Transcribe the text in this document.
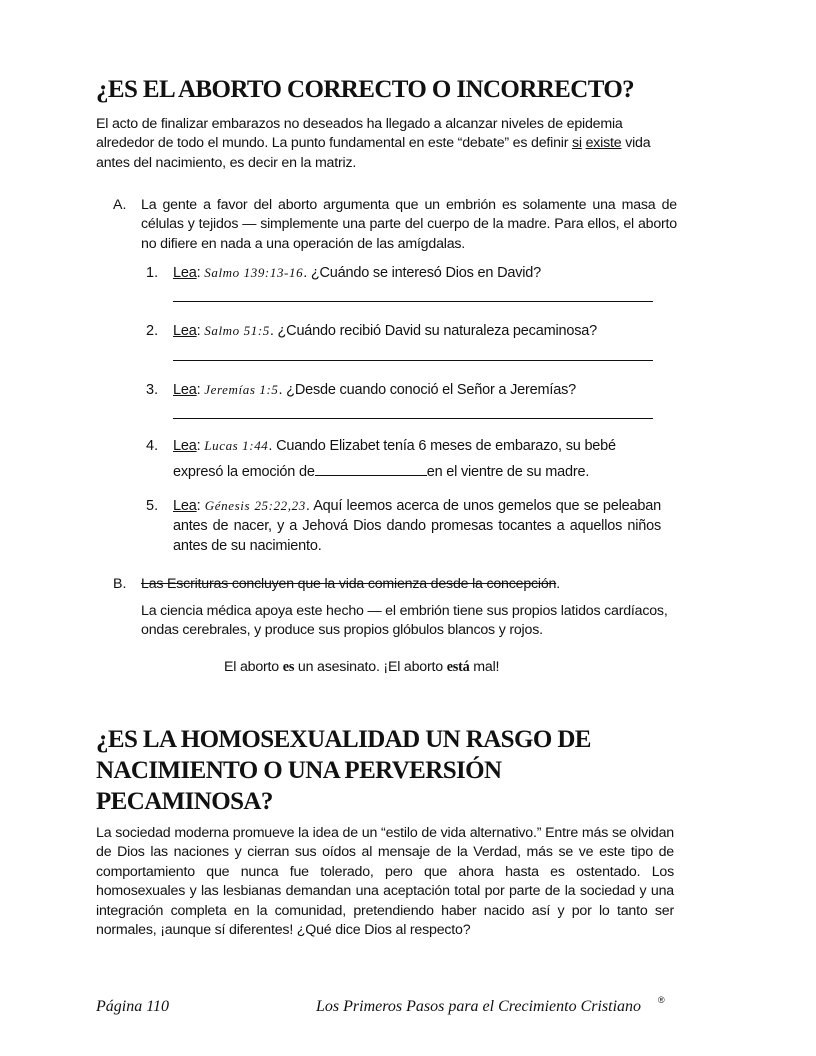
¿ES EL ABORTO CORRECTO O INCORRECTO?
El acto de finalizar embarazos no deseados ha llegado a alcanzar niveles de epidemia alrededor de todo el mundo. La punto fundamental en este “debate” es definir si existe vida antes del nacimiento, es decir en la matriz.
A. La gente a favor del aborto argumenta que un embrión es solamente una masa de células y tejidos — simplemente una parte del cuerpo de la madre. Para ellos, el aborto no difiere en nada a una operación de las amígdalas.
1. Lea: Salmo 139:13-16. ¿Cuándo se interesó Dios en David?
2. Lea: Salmo 51:5. ¿Cuándo recibió David su naturaleza pecaminosa?
3. Lea: Jeremías 1:5. ¿Desde cuando conoció el Señor a Jeremías?
4. Lea: Lucas 1:44. Cuando Elizabet tenía 6 meses de embarazo, su bebé
expresó la emoción de	en el vientre de su madre.
5. Lea: Génesis 25:22,23. Aquí leemos acerca de unos gemelos que se peleaban antes de nacer, y a Jehová Dios dando promesas tocantes a aquellos niños antes de su nacimiento.
B. Las Escrituras concluyen que la vida comienza desde la concepción.
La ciencia médica apoya este hecho — el embrión tiene sus propios latidos cardíacos, ondas cerebrales, y produce sus propios glóbulos blancos y rojos.
El aborto es un asesinato. ¡El aborto está mal!
¿ES LA HOMOSEXUALIDAD UN RASGO DE
NACIMIENTO O UNA PERVERSIÓN
PECAMINOSA?
La sociedad moderna promueve la idea de un “estilo de vida alternativo.” Entre más se olvidan de Dios las naciones y cierran sus oídos al mensaje de la Verdad, más se ve este tipo de comportamiento que nunca fue tolerado, pero que ahora hasta es ostentado. Los homosexuales y las lesbianas demandan una aceptación total por parte de la sociedad y una integración completa en la comunidad, pretendiendo haber nacido así y por lo tanto ser normales, ¡aunque sí diferentes! ¿Qué dice Dios al respecto?
Página 110	Los Primeros Pasos para el Crecimiento Cristiano ®
